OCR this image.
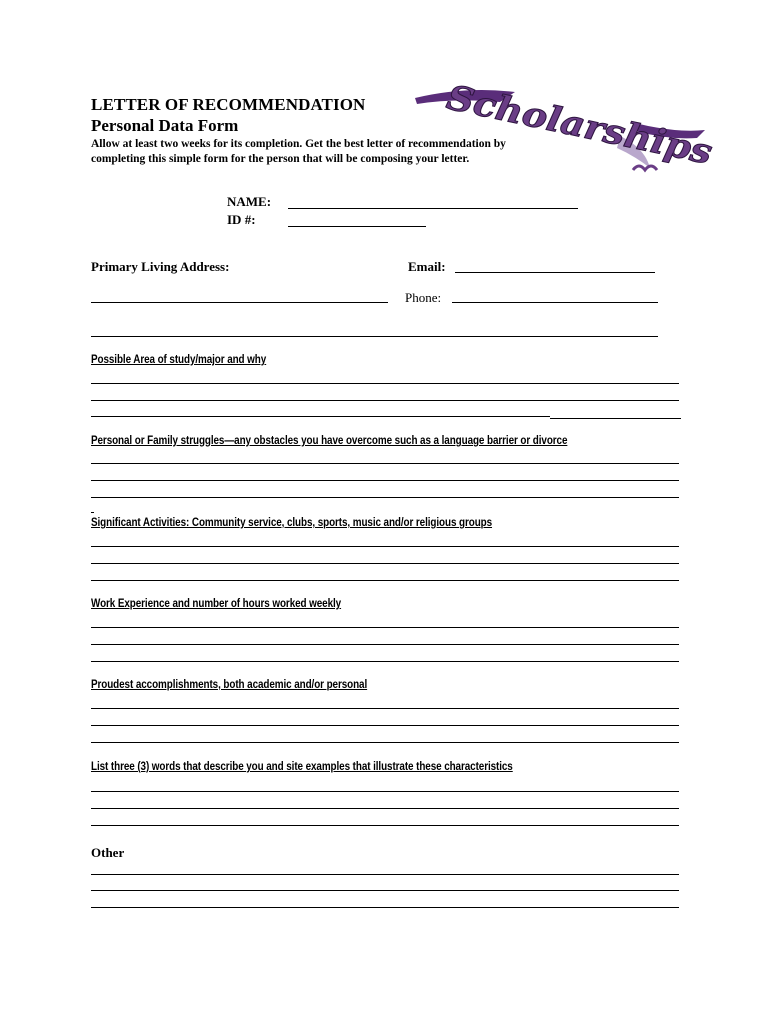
LETTER OF RECOMMENDATION
Personal Data Form
Allow at least two weeks for its completion. Get the best letter of recommendation by completing this simple form for the person that will be composing your letter.
Scholarships
NAME:
ID #:
Primary Living Address:	Email:
Phone:
Possible Area of study/major and why
Personal or Family struggles—any obstacles you have overcome such as a language barrier or divorce
Significant Activities: Community service, clubs, sports, music and/or religious groups
Work Experience and number of hours worked weekly
Proudest accomplishments, both academic and/or personal
List three (3) words that describe you and site examples that illustrate these characteristics
Other
